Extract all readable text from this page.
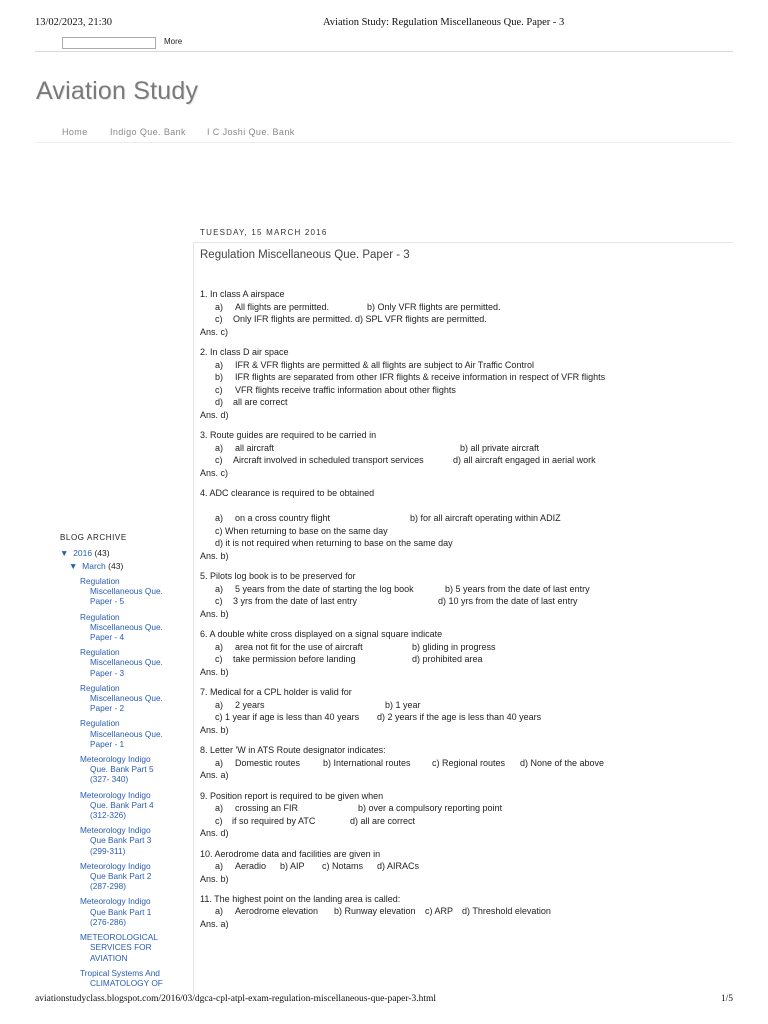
13/02/2023, 21:30	Aviation Study: Regulation Miscellaneous Que. Paper - 3
More
Aviation Study
Home Indigo Que. Bank I C Joshi Que. Bank
TUESDAY, 15 MARCH 2016
Regulation Miscellaneous Que. Paper - 3
1. In class A airspace
a) All flights are permitted.	b) Only VFR flights are permitted.
c) Only IFR flights are permitted. d) SPL VFR flights are permitted.
Ans. c)
2. In class D air space
a) IFR & VFR flights are permitted & all flights are subject to Air Traffic Control
b) IFR flights are separated from other IFR flights & receive information in respect of VFR flights
c) VFR flights receive traffic information about other flights
d) all are correct
Ans. d)
3. Route guides are required to be carried in
a) all aircraft	b) all private aircraft
c) Aircraft involved in scheduled transport services	d) all aircraft engaged in aerial work
Ans. c)
4. ADC clearance is required to be obtained
a) on a cross country flight	b) for all aircraft operating within ADIZ
c) When returning to base on the same day
d) it is not required when returning to base on the same day
Ans. b)
5. Pilots log book is to be preserved for
a) 5 years from the date of starting the log book	b) 5 years from the date of last entry
c) 3 yrs from the date of last entry	d) 10 yrs from the date of last entry
Ans. b)
6. A double white cross displayed on a signal square indicate
a) area not fit for the use of aircraft	b) gliding in progress
c) take permission before landing	d) prohibited area
Ans. b)
7. Medical for a CPL holder is valid for
a) 2 years	b) 1 year
c) 1 year if age is less than 40 years d) 2 years if the age is less than 40 years
Ans. b)
8. Letter 'W in ATS Route designator indicates:
a) Domestic routes	b) International routes c) Regional routes d) None of the above
Ans. a)
9. Position report is required to be given when
a) crossing an FIR	b) over a compulsory reporting point
c) if so required by ATC	d) all are correct
Ans. d)
10. Aerodrome data and facilities are given in
a) Aeradio b) AIP c) Notams d) AIRACs
Ans. b)
11. The highest point on the landing area is called:
a) Aerodrome elevation b) Runway elevation c) ARP d) Threshold elevation
Ans. a)
BLOG ARCHIVE
▼ 2016 (43)
▼ March (43)
Regulation
Miscellaneous Que.
Paper - 5
Regulation
Miscellaneous Que.
Paper - 4
Regulation
Miscellaneous Que.
Paper - 3
Regulation
Miscellaneous Que.
Paper - 2
Regulation
Miscellaneous Que.
Paper - 1
Meteorology Indigo
Que. Bank Part 5
(327- 340)
Meteorology Indigo
Que. Bank Part 4
(312-326)
Meteorology Indigo
Que Bank Part 3
(299-311)
Meteorology Indigo
Que Bank Part 2
(287-298)
Meteorology Indigo
Que Bank Part 1
(276-286)
METEOROLOGICAL
SERVICES FOR
AVIATION
Tropical Systems And
CLIMATOLOGY OF
aviationstudyclass.blogspot.com/2016/03/dgca-cpl-atpl-exam-regulation-miscellaneous-que-paper-3.html	1/5
